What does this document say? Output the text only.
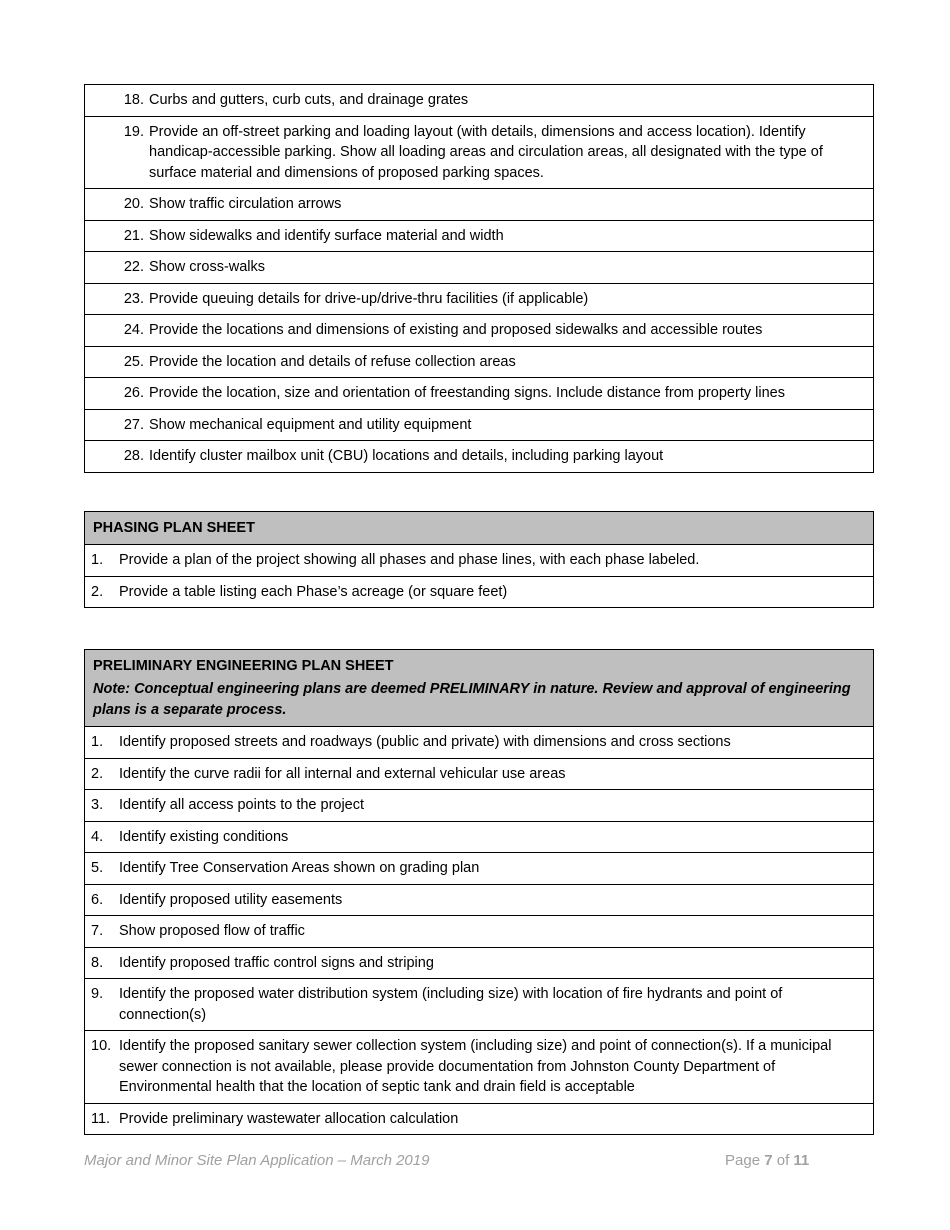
18. Curbs and gutters, curb cuts, and drainage grates

19. Provide an off-street parking and loading layout (with details, dimensions and access location). Identify handicap-accessible parking. Show all loading areas and circulation areas, all designated with the type of surface material and dimensions of proposed parking spaces.

20. Show traffic circulation arrows

21. Show sidewalks and identify surface material and width

22. Show cross-walks

23. Provide queuing details for drive-up/drive-thru facilities (if applicable)

24. Provide the locations and dimensions of existing and proposed sidewalks and accessible routes

25. Provide the location and details of refuse collection areas

26. Provide the location, size and orientation of freestanding signs. Include distance from property lines

27. Show mechanical equipment and utility equipment

28. Identify cluster mailbox unit (CBU) locations and details, including parking layout
PHASING PLAN SHEET

1.	Provide a plan of the project showing all phases and phase lines, with each phase labeled.

2.	Provide a table listing each Phase’s acreage (or square feet)
PRELIMINARY ENGINEERING PLAN SHEET
Note: Conceptual engineering plans are deemed PRELIMINARY in nature. Review and approval of engineering plans is a separate process.

1.	Identify proposed streets and roadways (public and private) with dimensions and cross sections

2.	Identify the curve radii for all internal and external vehicular use areas

3.	Identify all access points to the project

4.	Identify existing conditions

5.	Identify Tree Conservation Areas shown on grading plan

6.	Identify proposed utility easements

7.	Show proposed flow of traffic

8.	Identify proposed traffic control signs and striping

9.	Identify the proposed water distribution system (including size) with location of fire hydrants and point of connection(s)

10. Identify the proposed sanitary sewer collection system (including size) and point of connection(s). If a municipal sewer connection is not available, please provide documentation from Johnston County Department of Environmental health that the location of septic tank and drain field is acceptable

11. Provide preliminary wastewater allocation calculation
Major and Minor Site Plan Application – March 2019	Page 7 of 11
